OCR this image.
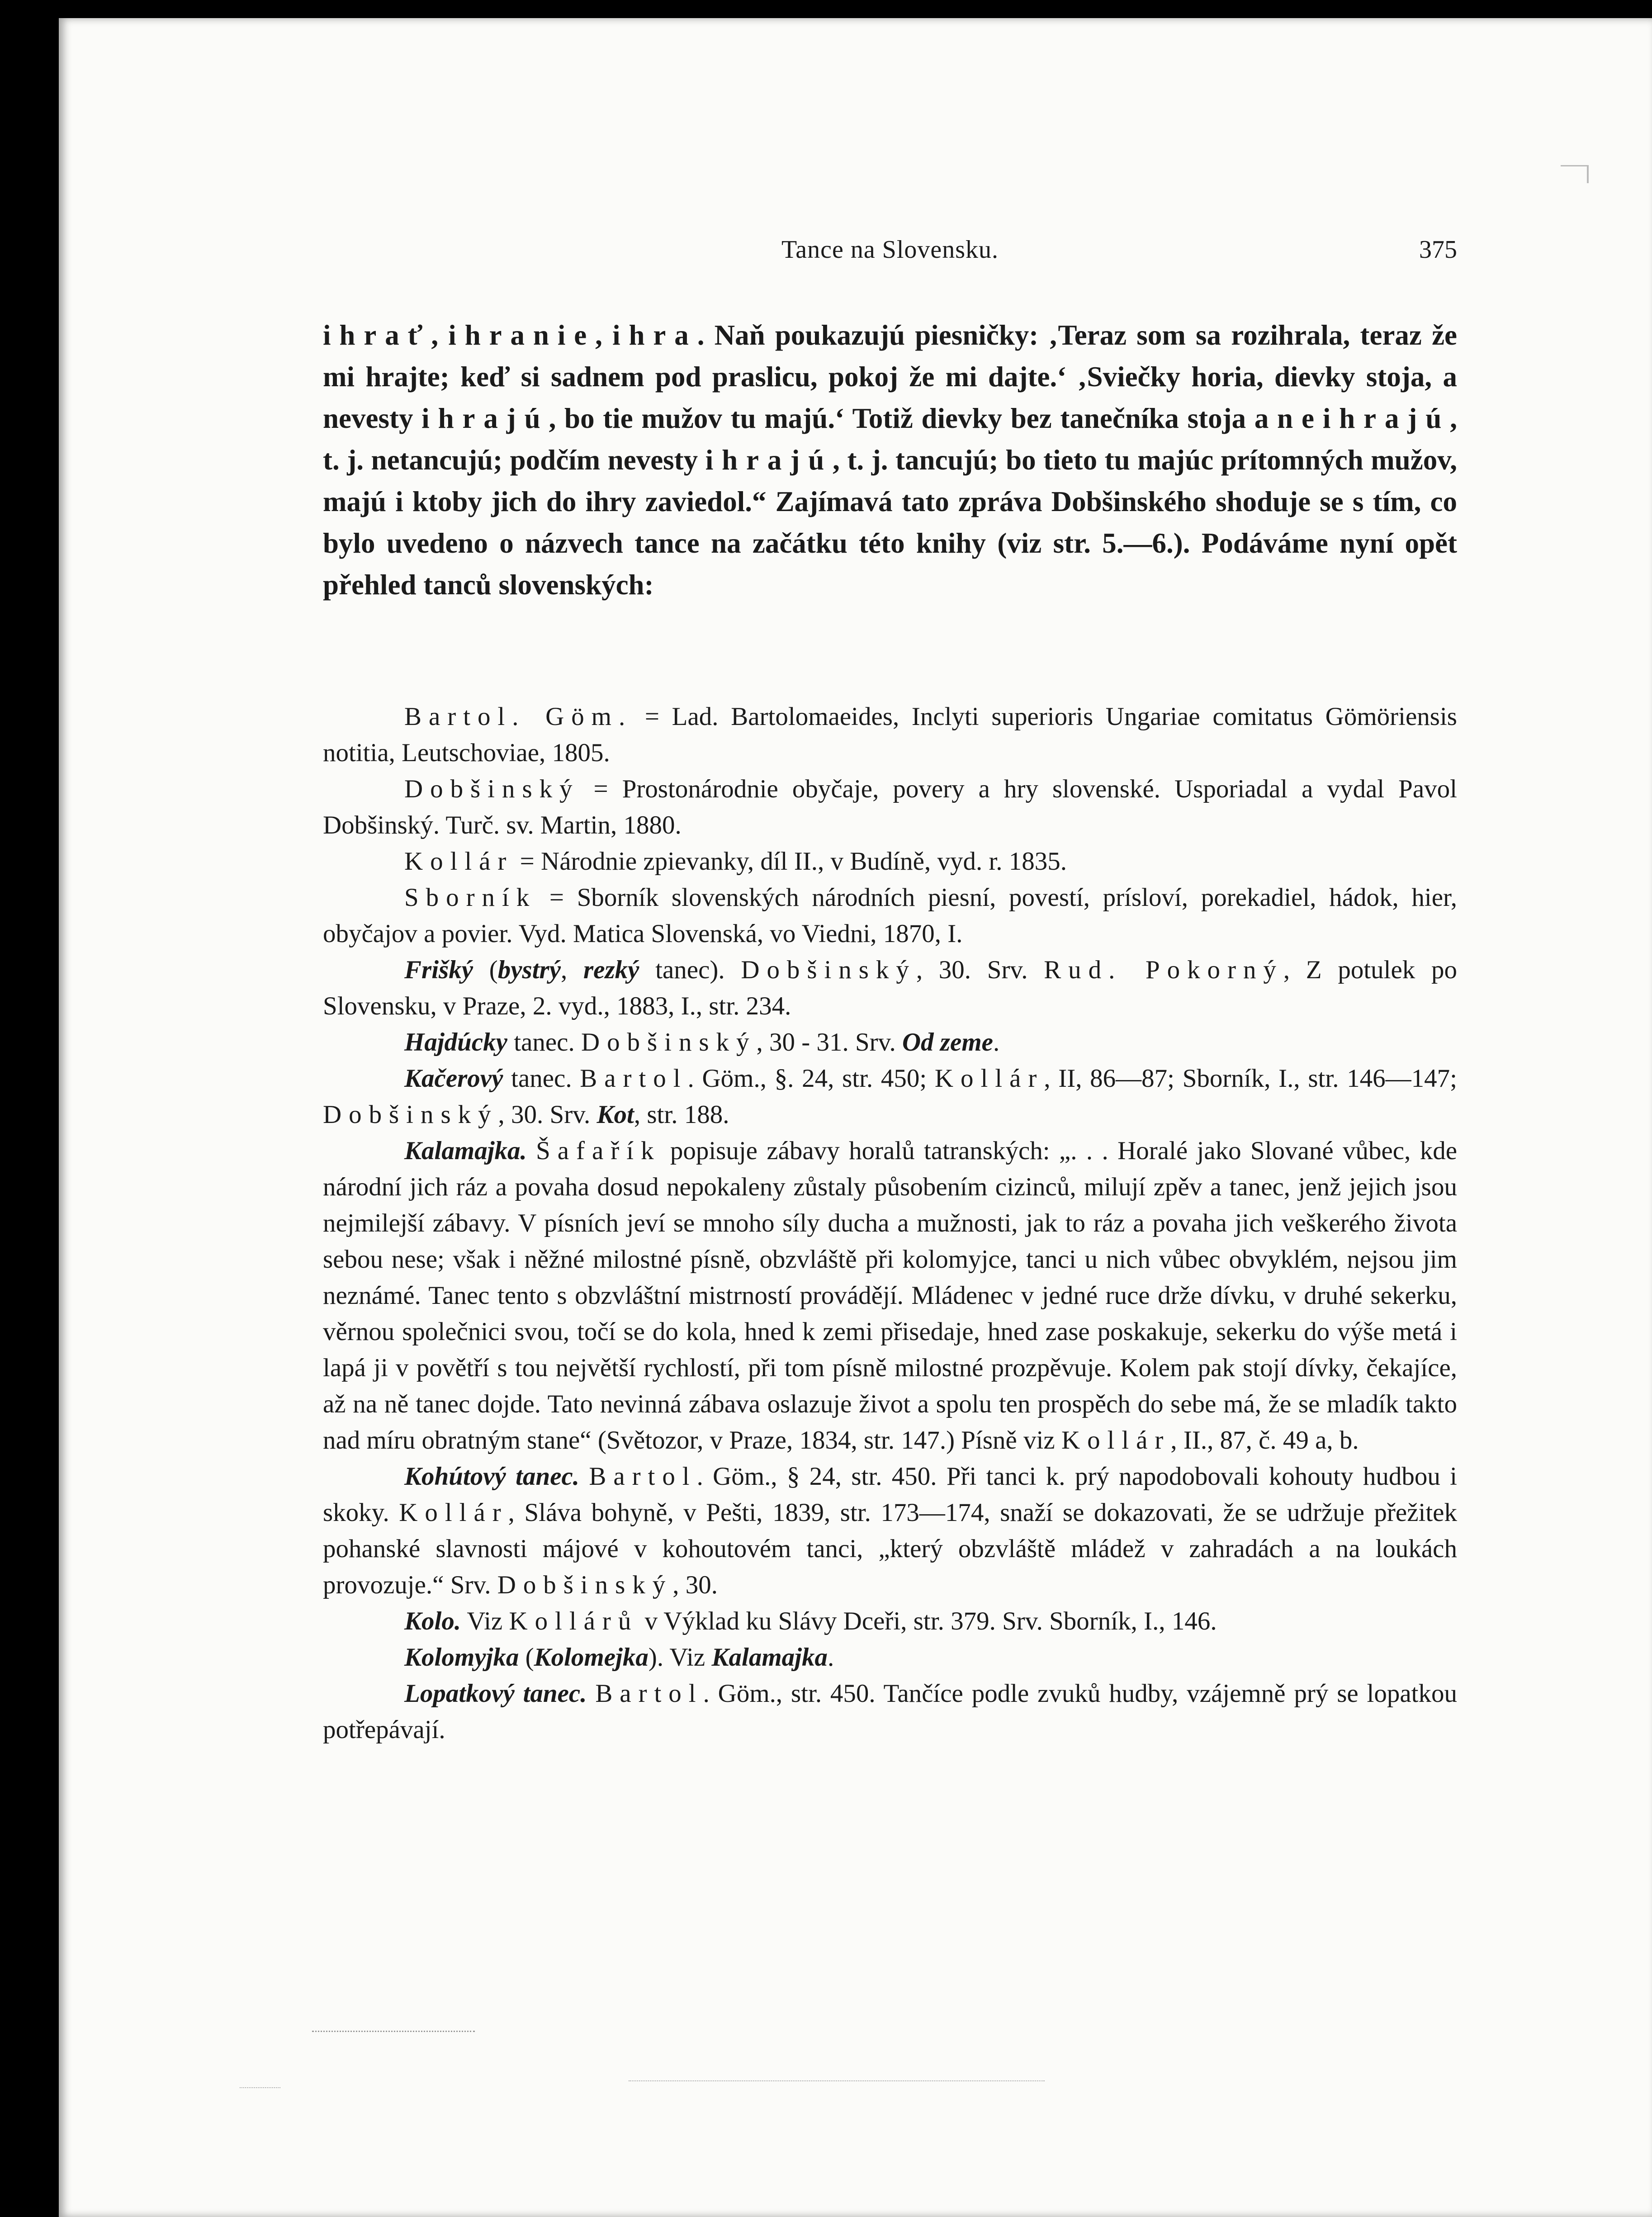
Tance na Slovensku.	375
ihrať, ihranie, ihra. Naň poukazujú piesničky: ‚Teraz som sa rozihrala, teraz že mi hrajte; keď si sadnem pod praslicu, pokoj že mi dajte.‘ ‚Sviečky horia, dievky stoja, a nevesty ihrajú, bo tie mužov tu majú.‘ Totiž dievky bez tanečníka stoja a neihrajú, t. j. netancujú; podčím nevesty ihrajú, t. j. tancujú; bo tieto tu majúc prítomných mužov, majú i ktoby jich do ihry zaviedol.“ Zajímavá tato zpráva Dobšinského shoduje se s tím, co bylo uvedeno o názvech tance na začátku této knihy (viz str. 5.—6.). Podáváme nyní opět přehled tanců slovenských:

Bartol. Göm. = Lad. Bartolomaeides, Inclyti superioris Ungariae comitatus Gömöriensis notitia, Leutschoviae, 1805.

Dobšinský = Prostonárodnie obyčaje, povery a hry slovenské. Usporiadal a vydal Pavol Dobšinský. Turč. sv. Martin, 1880.

Kollár = Národnie zpievanky, díl II., v Budíně, vyd. r. 1835.

Sborník = Sborník slovenských národních piesní, povestí, prísloví, porekadiel, hádok, hier, obyčajov a povier. Vyd. Matica Slovenská, vo Viedni, 1870, I.

Frišký (bystrý, rezký tanec). Dobšinský, 30. Srv. Rud. Pokorný, Z potulek po Slovensku, v Praze, 2. vyd., 1883, I., str. 234.

Hajdúcky tanec. Dobšinský, 30 - 31. Srv. Od zeme.

Kačerový tanec. Bartol. Göm., §. 24, str. 450; Kollár, II, 86—87; Sborník, I., str. 146—147; Dobšinský, 30. Srv. Kot, str. 188.

Kalamajka. Šafařík popisuje zábavy horalů tatranských: „. . . Horalé jako Slované vůbec, kde národní jich ráz a povaha dosud nepokaleny zůstaly působením cizinců, milují zpěv a tanec, jenž jejich jsou nejmilejší zábavy. V písních jeví se mnoho síly ducha a mužnosti, jak to ráz a povaha jich veškerého života sebou nese; však i něžné milostné písně, obzvláště při kolomyjce, tanci u nich vůbec obvyklém, nejsou jim neznámé. Tanec tento s obzvláštní mistrností provádějí. Mládenec v jedné ruce drže dívku, v druhé sekerku, věrnou společnici svou, točí se do kola, hned k zemi přisedaje, hned zase poskakuje, sekerku do výše metá i lapá ji v povětří s tou největší rychlostí, při tom písně milostné prozpěvuje. Kolem pak stojí dívky, čekajíce, až na ně tanec dojde. Tato nevinná zábava oslazuje život a spolu ten prospěch do sebe má, že se mladík takto nad míru obratným stane“ (Světozor, v Praze, 1834, str. 147.) Písně viz Kollár, II., 87, č. 49 a, b.

Kohútový tanec. Bartol. Göm., § 24, str. 450. Při tanci k. prý napodobovali kohouty hudbou i skoky. Kollár, Sláva bohyně, v Pešti, 1839, str. 173—174, snaží se dokazovati, že se udržuje přežitek pohanské slavnosti májové v kohoutovém tanci, „který obzvláště mládež v zahradách a na loukách provozuje.“ Srv. Dobšinský, 30.

Kolo. Viz Kollárů v Výklad ku Slávy Dceři, str. 379. Srv. Sborník, I., 146.

Kolomyjka (Kolomejka). Viz Kalamajka.

Lopatkový tanec. Bartol. Göm., str. 450. Tančíce podle zvuků hudby, vzájemně prý se lopatkou potřepávají.
